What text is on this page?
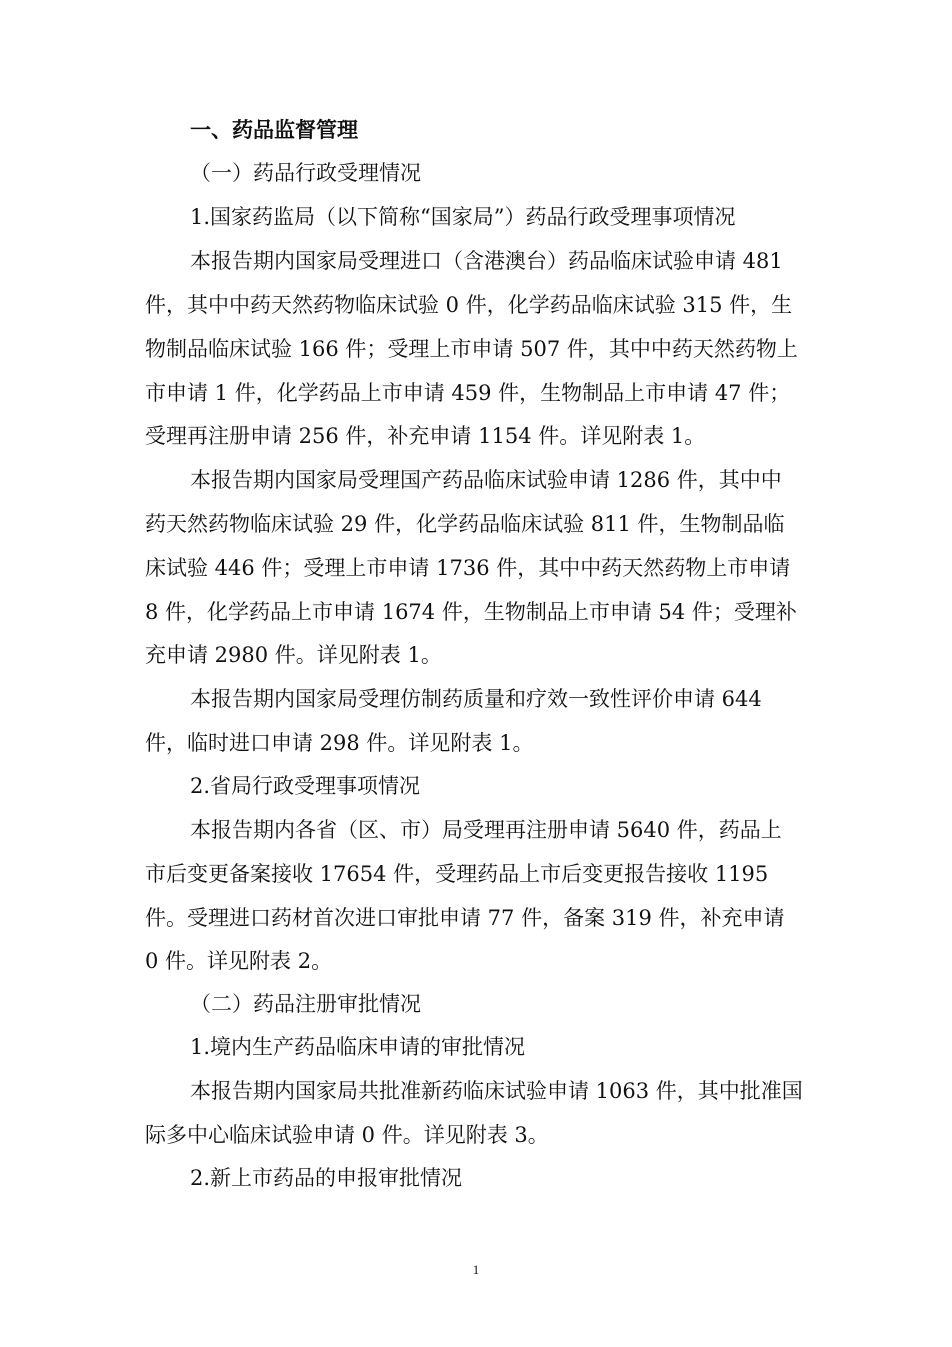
一、药品监督管理
（一）药品行政受理情况
1.国家药监局（以下简称“国家局”）药品行政受理事项情况
本报告期内国家局受理进口（含港澳台）药品临床试验申请 481
件，其中中药天然药物临床试验 0 件，化学药品临床试验 315 件，生
物制品临床试验 166 件；受理上市申请 507 件，其中中药天然药物上
市申请 1 件，化学药品上市申请 459 件，生物制品上市申请 47 件；
受理再注册申请 256 件，补充申请 1154 件。详见附表 1。
本报告期内国家局受理国产药品临床试验申请 1286 件，其中中
药天然药物临床试验 29 件，化学药品临床试验 811 件，生物制品临
床试验 446 件；受理上市申请 1736 件，其中中药天然药物上市申请
8 件，化学药品上市申请 1674 件，生物制品上市申请 54 件；受理补
充申请 2980 件。详见附表 1。
本报告期内国家局受理仿制药质量和疗效一致性评价申请 644
件，临时进口申请 298 件。详见附表 1。
2.省局行政受理事项情况
本报告期内各省（区、市）局受理再注册申请 5640 件，药品上
市后变更备案接收 17654 件，受理药品上市后变更报告接收 1195
件。受理进口药材首次进口审批申请 77 件，备案 319 件，补充申请
0 件。详见附表 2。
（二）药品注册审批情况
1.境内生产药品临床申请的审批情况
本报告期内国家局共批准新药临床试验申请 1063 件，其中批准国
际多中心临床试验申请 0 件。详见附表 3。
2.新上市药品的申报审批情况
1
